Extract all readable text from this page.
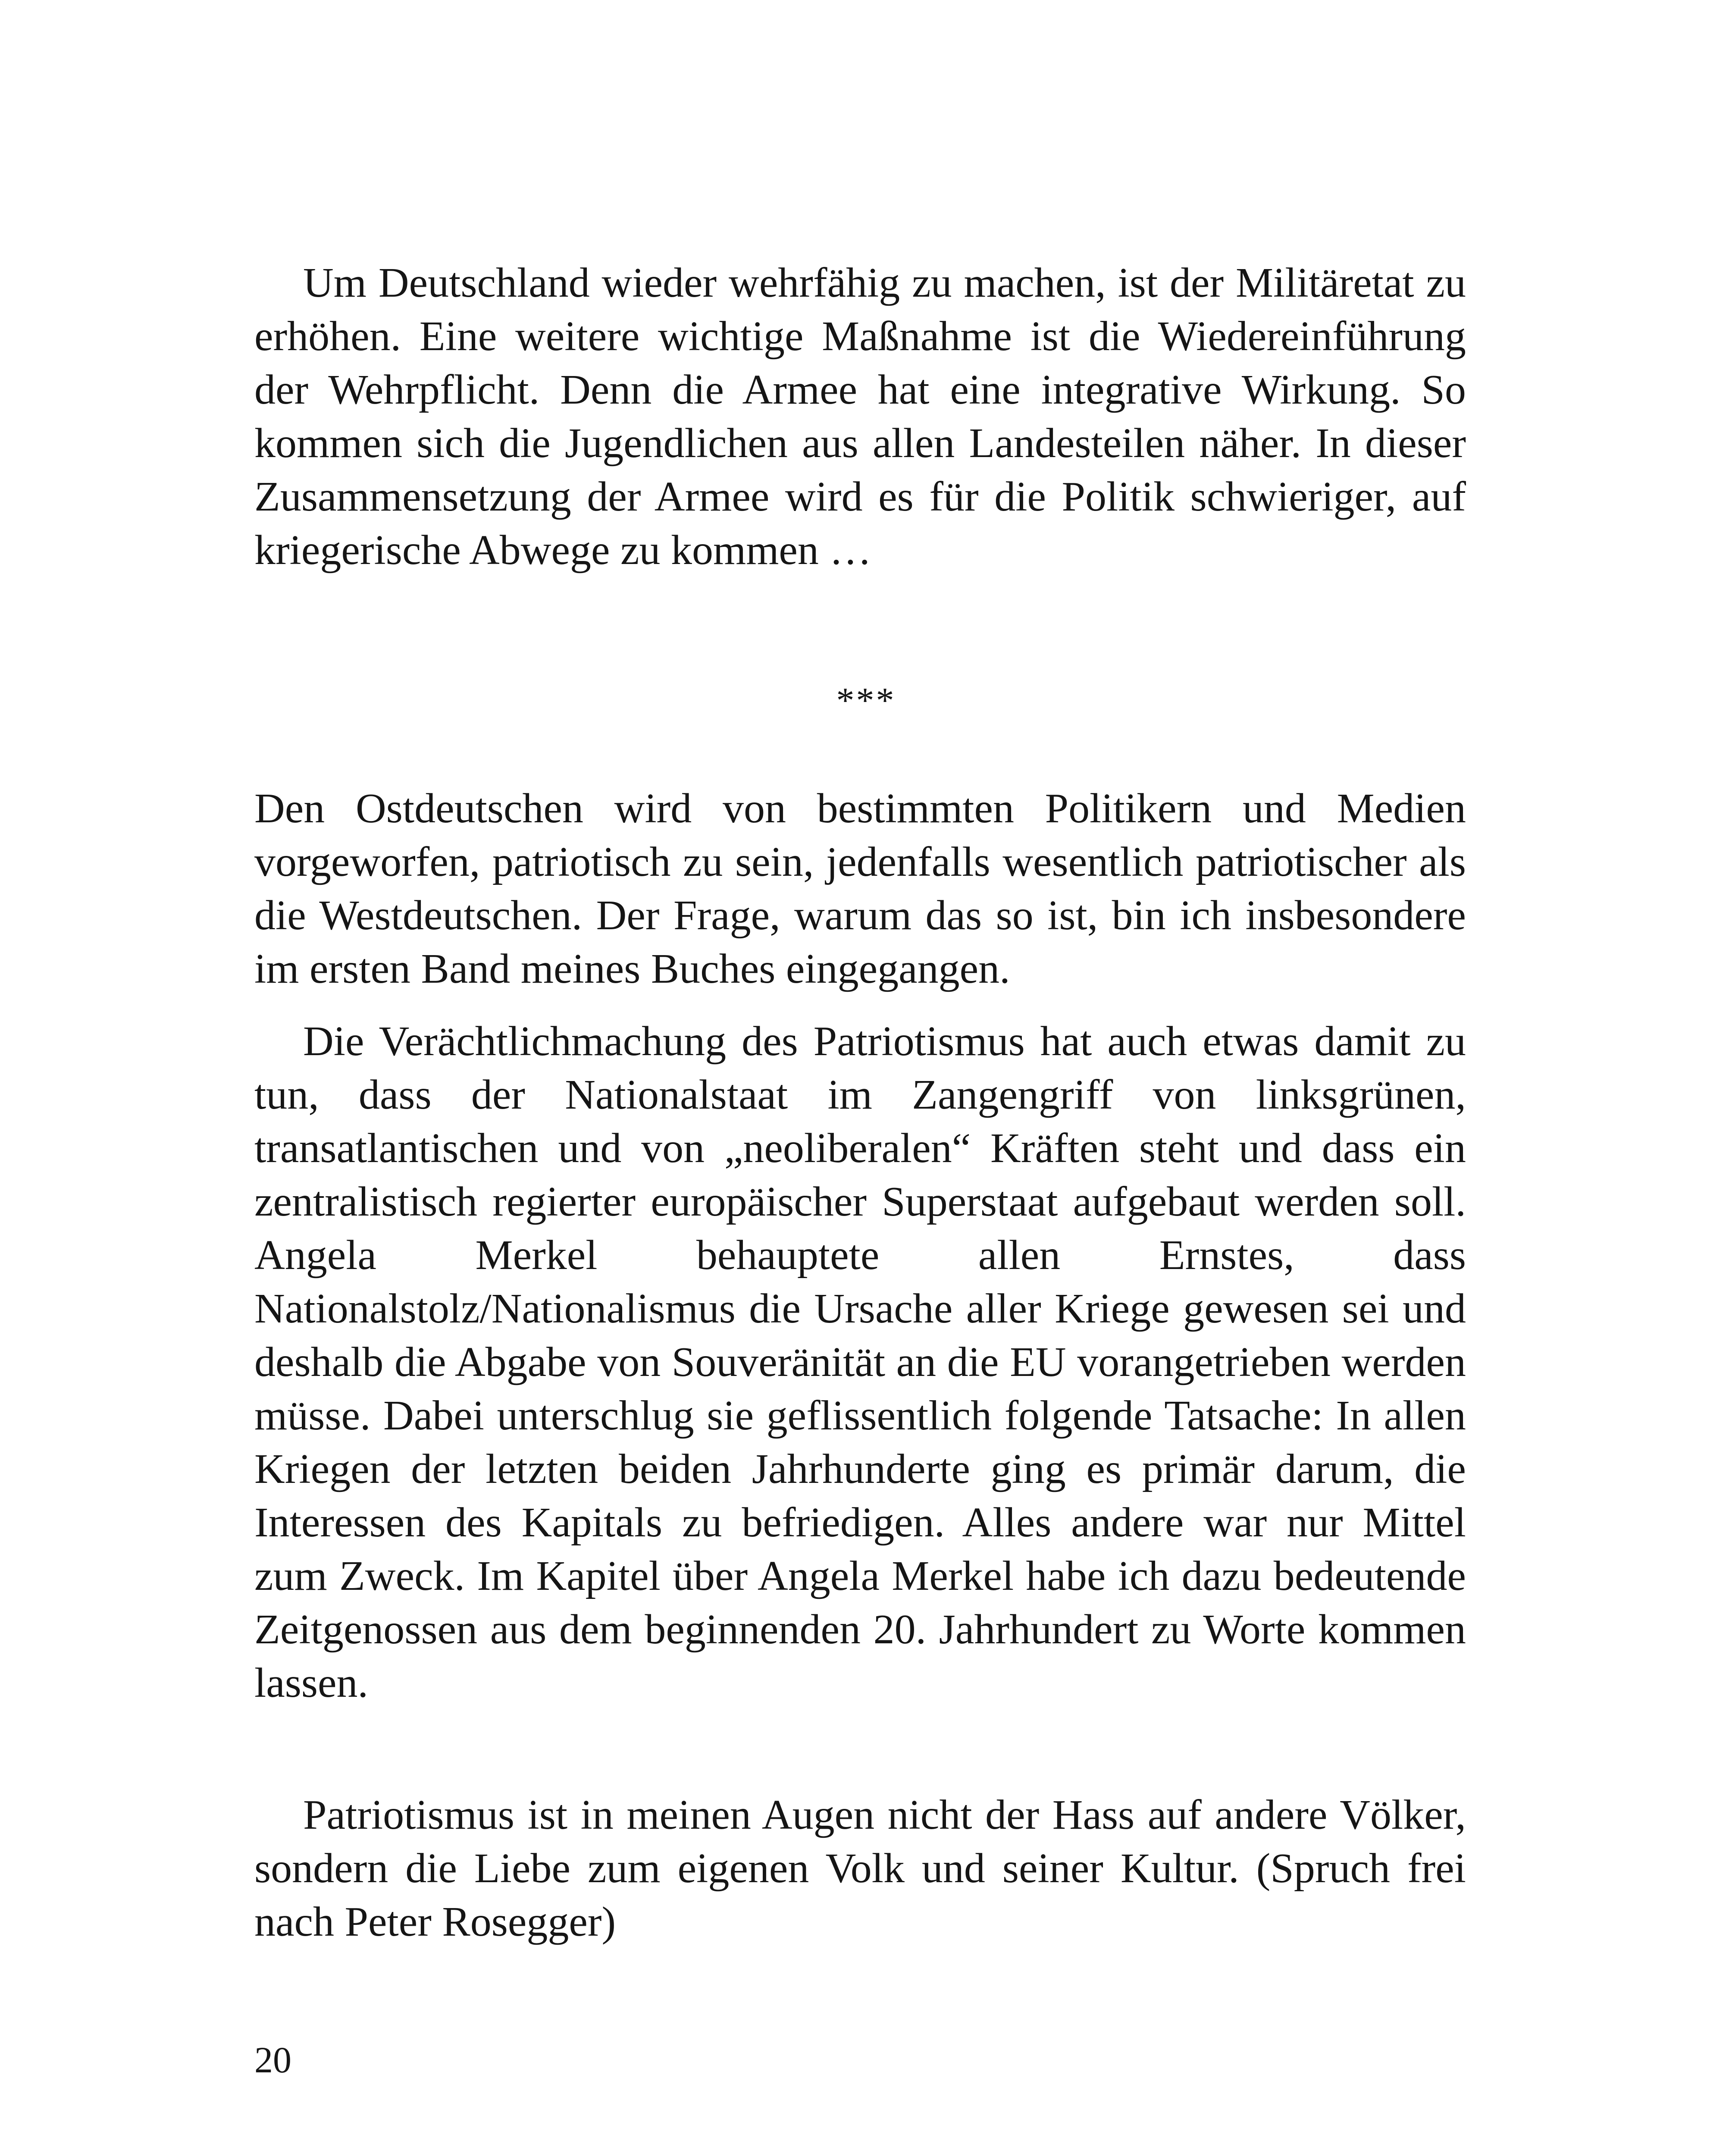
Um Deutschland wieder wehrfähig zu machen, ist der Militäretat zu erhöhen. Eine weitere wichtige Maßnahme ist die Wiedereinführung der Wehrpflicht. Denn die Armee hat eine integrative Wirkung. So kommen sich die Jugendlichen aus allen Landesteilen näher. In dieser Zusammensetzung der Armee wird es für die Politik schwieriger, auf kriegerische Abwege zu kommen …

***

Den Ostdeutschen wird von bestimmten Politikern und Medien vorgeworfen, patriotisch zu sein, jedenfalls wesentlich patriotischer als die Westdeutschen. Der Frage, warum das so ist, bin ich insbesondere im ersten Band meines Buches eingegangen.

Die Verächtlichmachung des Patriotismus hat auch etwas damit zu tun, dass der Nationalstaat im Zangengriff von linksgrünen, transatlantischen und von „neoliberalen“ Kräften steht und dass ein zentralistisch regierter europäischer Superstaat aufgebaut werden soll. Angela Merkel behauptete allen Ernstes, dass Nationalstolz/Nationalismus die Ursache aller Kriege gewesen sei und deshalb die Abgabe von Souveränität an die EU vorangetrieben werden müsse. Dabei unterschlug sie geflissentlich folgende Tatsache: In allen Kriegen der letzten beiden Jahrhunderte ging es primär darum, die Interessen des Kapitals zu befriedigen. Alles andere war nur Mittel zum Zweck. Im Kapitel über Angela Merkel habe ich dazu bedeutende Zeitgenossen aus dem beginnenden 20. Jahrhundert zu Worte kommen lassen.

Patriotismus ist in meinen Augen nicht der Hass auf andere Völker, sondern die Liebe zum eigenen Volk und seiner Kultur. (Spruch frei nach Peter Rosegger)

20
